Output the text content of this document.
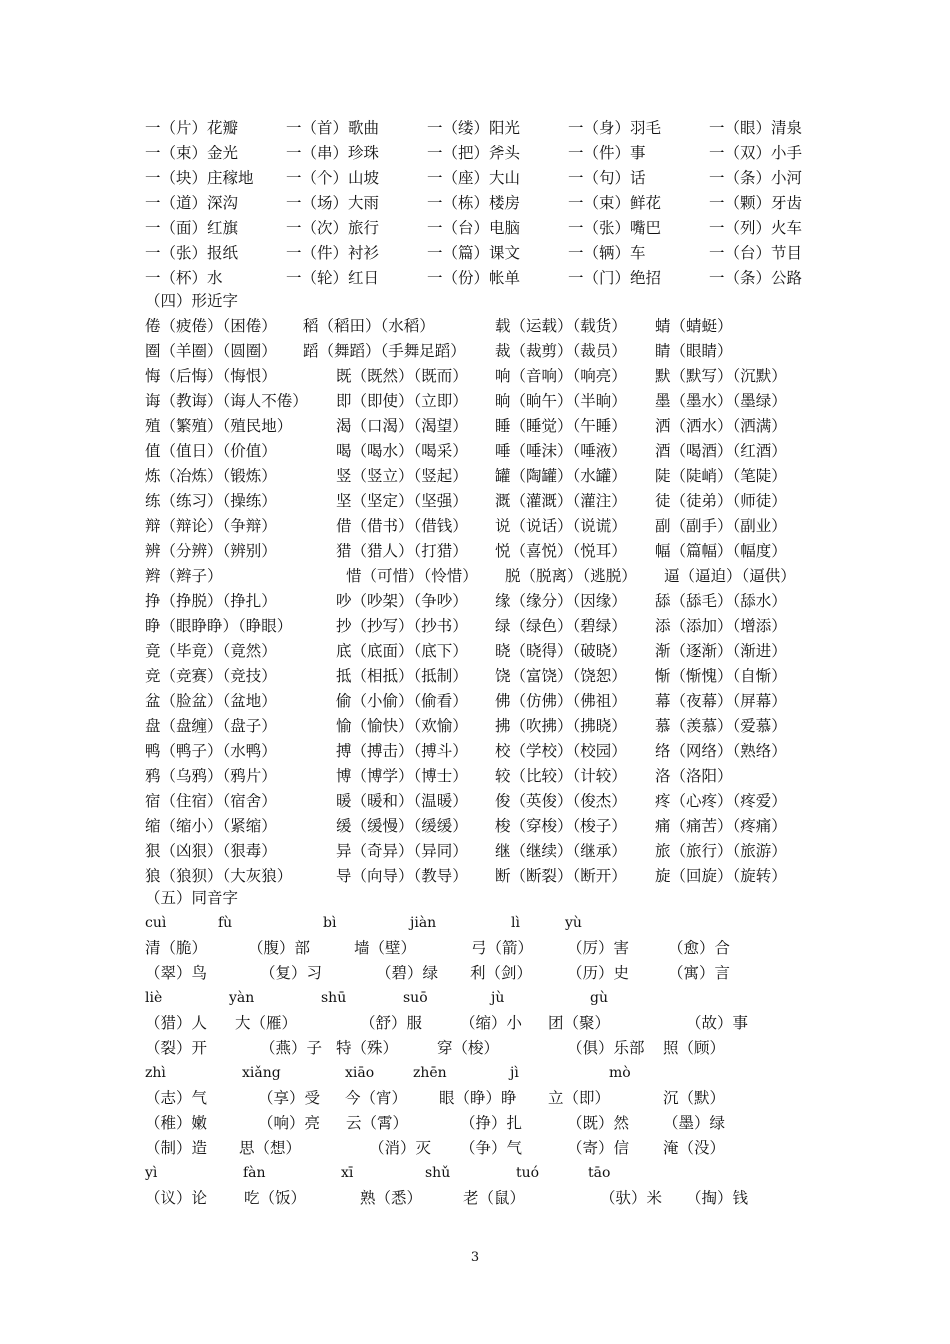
一（片）花瓣	一（首）歌曲	一（缕）阳光	一（身）羽毛	一（眼）清泉
一（束）金光	一（串）珍珠	一（把）斧头	一（件）事	一（双）小手
一（块）庄稼地 一（个）山坡	一（座）大山	一（句）话	一（条）小河
一（道）深沟	一（场）大雨	一（栋）楼房	一（束）鲜花	一（颗）牙齿
一（面）红旗	一（次）旅行	一（台）电脑	一（张）嘴巴	一（列）火车
一（张）报纸	一（件）衬衫	一（篇）课文	一（辆）车	一（台）节目
一（杯）水	一（轮）红日	一（份）帐单	一（门）绝招	一（条）公路
（四）形近字
倦（疲倦）（困倦） 稻（稻田）（水稻）	载（运载）（载货） 蜻（蜻蜓）
圈（羊圈）（圆圈） 蹈（舞蹈）（手舞足蹈） 裁（裁剪）（裁员） 睛（眼睛）
悔（后悔）（悔恨）	既（既然）（既而） 响（音响）（响亮） 默（默写）（沉默）
诲（教诲）（诲人不倦） 即（即使）（立即） 晌（晌午）（半晌） 墨（墨水）（墨绿）
殖（繁殖）（殖民地）	渴（口渴）（渴望） 睡（睡觉）（午睡） 洒（洒水）（洒满）
值（值日）（价值）	喝（喝水）（喝采） 唾（唾沫）（唾液） 酒（喝酒）（红酒）
炼（冶炼）（锻炼）	竖（竖立）（竖起） 罐（陶罐）（水罐） 陡（陡峭）（笔陡）
练（练习）（操练）	坚（坚定）（坚强） 溉（灌溉）（灌注） 徒（徒弟）（师徒）
辩（辩论）（争辩）	借（借书）（借钱） 说（说话）（说谎） 副（副手）（副业）
辨（分辨）（辨别）	猎（猎人）（打猎） 悦（喜悦）（悦耳） 幅（篇幅）（幅度）
辫（辫子）	惜（可惜）（怜惜） 脱（脱离）（逃脱） 逼（逼迫）（逼供）
挣（挣脱）（挣扎）	吵（吵架）（争吵） 缘（缘分）（因缘） 舔（舔毛）（舔水）
睁（眼睁睁）（睁眼）	抄（抄写）（抄书） 绿（绿色）（碧绿） 添（添加）（增添）
竟（毕竟）（竟然）	底（底面）（底下） 晓（晓得）（破晓） 渐（逐渐）（渐进）
竞（竞赛）（竞技）	抵（相抵）（抵制） 饶（富饶）（饶恕） 惭（惭愧）（自惭）
盆（脸盆）（盆地）	偷（小偷）（偷看） 佛（仿佛）（佛祖） 幕（夜幕）（屏幕）
盘（盘缠）（盘子）	愉（愉快）（欢愉） 拂（吹拂）（拂晓） 慕（羡慕）（爱慕）
鸭（鸭子）（水鸭）	搏（搏击）（搏斗） 校（学校）（校园） 络（网络）（熟络）
鸦（乌鸦）（鸦片）	博（博学）（博士） 较（比较）（计较） 洛（洛阳）
宿（住宿）（宿舍）	暖（暖和）（温暖） 俊（英俊）（俊杰） 疼（心疼）（疼爱）
缩（缩小）（紧缩）	缓（缓慢）（缓缓） 梭（穿梭）（梭子） 痛（痛苦）（疼痛）
狠（凶狠）（狠毒）	异（奇异）（异同） 继（继续）（继承） 旅（旅行）（旅游）
狼（狼狈）（大灰狼）	导（向导）（教导） 断（断裂）（断开） 旋（回旋）（旋转）
（五）同音字
cuì	fù	bì	jiàn	lì	yù
清（脆）	（腹）部	墙（壁）	弓（箭） （厉）害	（愈）合
（翠）鸟	（复）习	（碧）绿 利（剑） （历）史	（寓）言
liè	yàn	shū	suō	jù	gù
（猎）人 大（雁）	（舒）服 （缩）小 团（聚）	（故）事
（裂）开	（燕）子 特（殊）	穿（梭）	（俱）乐部 照（顾）
zhì	xiǎng	xiāo	zhēn	jì	mò
（志）气	（享）受 今（宵） 眼（睁）睁 立（即）	沉（默）
（稚）嫩	（响）亮 云（霄）	（挣）扎	（既）然 （墨）绿
（制）造 思（想）	（消）灭 （争）气	（寄）信 淹（没）
yì	fàn	xī	shǔ	tuó	tāo
（议）论 吃（饭）	熟（悉）	老（鼠）	（驮）米 （掏）钱
3
